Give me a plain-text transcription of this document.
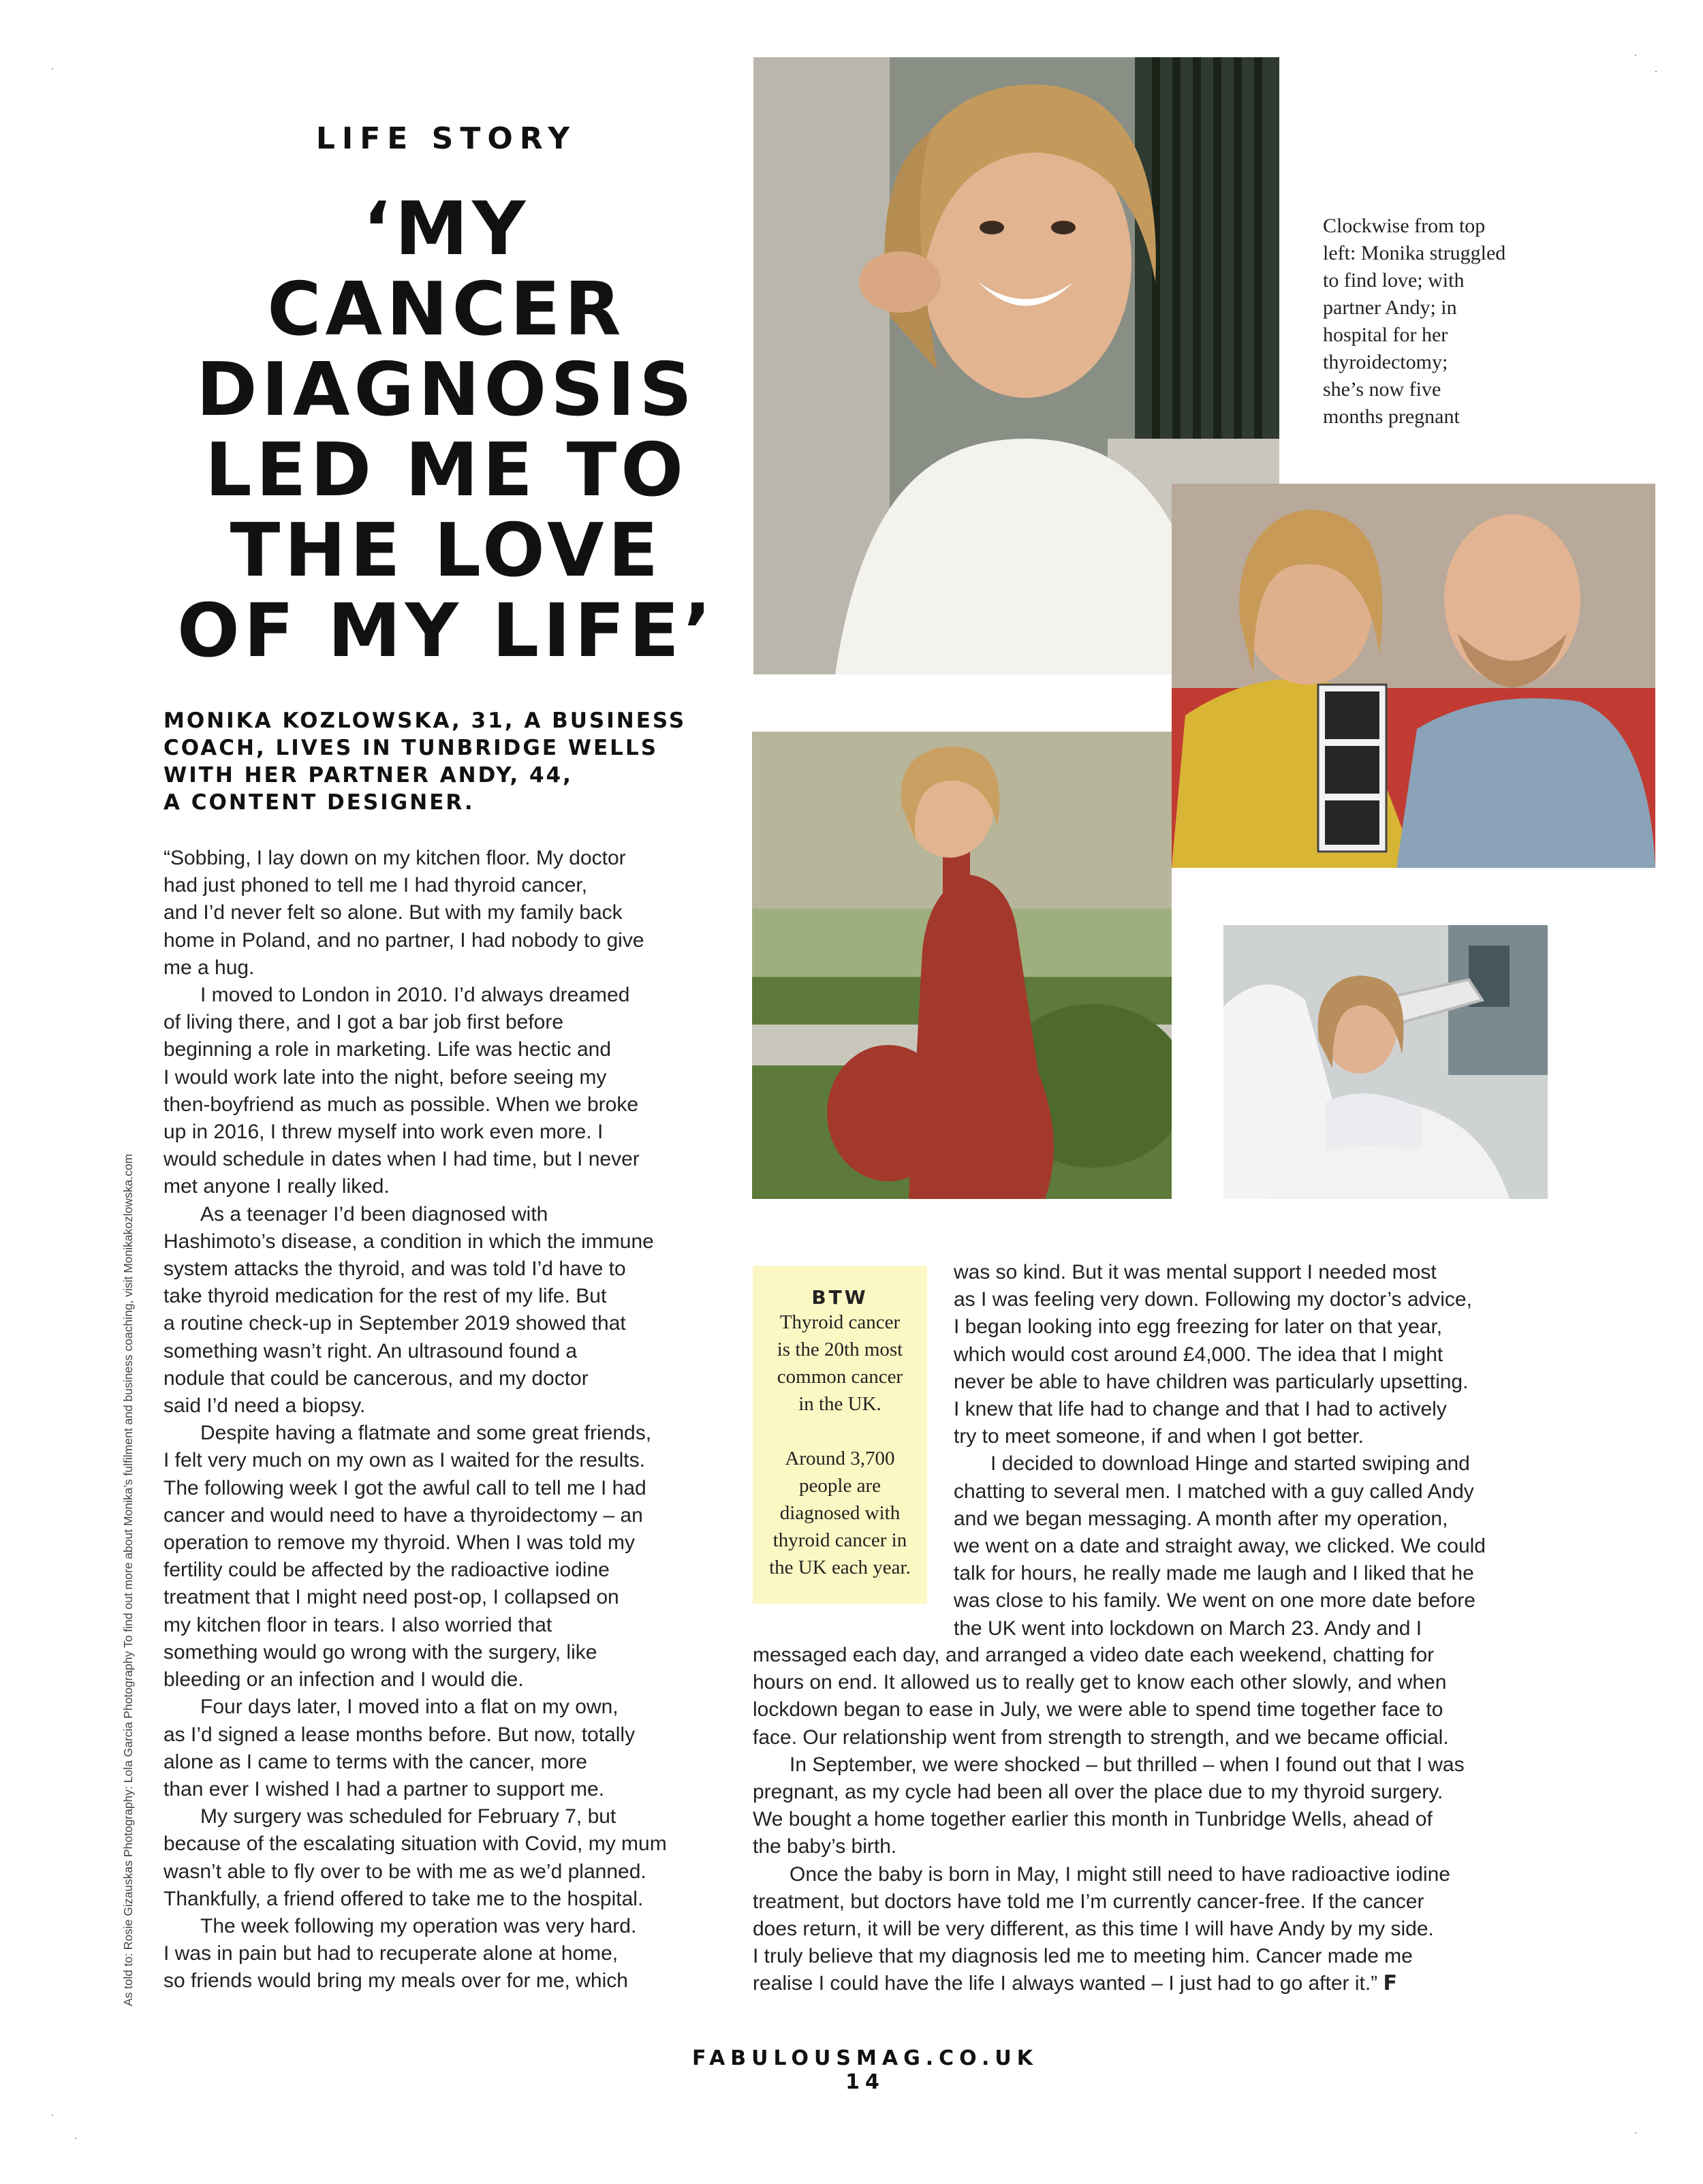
LIFE STORY
‘MY
CANCER
DIAGNOSIS
LED ME TO
THE LOVE
OF MY LIFE’
MONIKA KOZLOWSKA, 31, A BUSINESS
COACH, LIVES IN TUNBRIDGE WELLS
WITH HER PARTNER ANDY, 44,
A CONTENT DESIGNER.
Clockwise from top
left: Monika struggled
to find love; with
partner Andy; in
hospital for her
thyroidectomy;
she’s now five
months pregnant
“Sobbing, I lay down on my kitchen floor. My doctor
had just phoned to tell me I had thyroid cancer,
and I’d never felt so alone. But with my family back
home in Poland, and no partner, I had nobody to give
me a hug.
I moved to London in 2010. I’d always dreamed
of living there, and I got a bar job first before
beginning a role in marketing. Life was hectic and
I would work late into the night, before seeing my
then-boyfriend as much as possible. When we broke
up in 2016, I threw myself into work even more. I
would schedule in dates when I had time, but I never
met anyone I really liked.
As a teenager I’d been diagnosed with
Hashimoto’s disease, a condition in which the immune
system attacks the thyroid, and was told I’d have to
take thyroid medication for the rest of my life. But
a routine check-up in September 2019 showed that
something wasn’t right. An ultrasound found a
nodule that could be cancerous, and my doctor
said I’d need a biopsy.
Despite having a flatmate and some great friends,
I felt very much on my own as I waited for the results.
The following week I got the awful call to tell me I had
cancer and would need to have a thyroidectomy – an
operation to remove my thyroid. When I was told my
fertility could be affected by the radioactive iodine
treatment that I might need post-op, I collapsed on
my kitchen floor in tears. I also worried that
something would go wrong with the surgery, like
bleeding or an infection and I would die.
Four days later, I moved into a flat on my own,
as I’d signed a lease months before. But now, totally
alone as I came to terms with the cancer, more
than ever I wished I had a partner to support me.
My surgery was scheduled for February 7, but
because of the escalating situation with Covid, my mum
wasn’t able to fly over to be with me as we’d planned.
Thankfully, a friend offered to take me to the hospital.
The week following my operation was very hard.
I was in pain but had to recuperate alone at home,
so friends would bring my meals over for me, which
BTW
Thyroid cancer
is the 20th most
common cancer
in the UK.
Around 3,700
people are
diagnosed with
thyroid cancer in
the UK each year.
was so kind. But it was mental support I needed most
as I was feeling very down. Following my doctor’s advice,
I began looking into egg freezing for later on that year,
which would cost around £4,000. The idea that I might
never be able to have children was particularly upsetting.
I knew that life had to change and that I had to actively
try to meet someone, if and when I got better.
I decided to download Hinge and started swiping and
chatting to several men. I matched with a guy called Andy
and we began messaging. A month after my operation,
we went on a date and straight away, we clicked. We could
talk for hours, he really made me laugh and I liked that he
was close to his family. We went on one more date before
the UK went into lockdown on March 23. Andy and I
messaged each day, and arranged a video date each weekend, chatting for
hours on end. It allowed us to really get to know each other slowly, and when
lockdown began to ease in July, we were able to spend time together face to
face. Our relationship went from strength to strength, and we became official.
In September, we were shocked – but thrilled – when I found out that I was
pregnant, as my cycle had been all over the place due to my thyroid surgery.
We bought a home together earlier this month in Tunbridge Wells, ahead of
the baby’s birth.
Once the baby is born in May, I might still need to have radioactive iodine
treatment, but doctors have told me I’m currently cancer-free. If the cancer
does return, it will be very different, as this time I will have Andy by my side.
I truly believe that my diagnosis led me to meeting him. Cancer made me
realise I could have the life I always wanted – I just had to go after it.” F
As told to: Rosie Gizauskas Photography: Lola Garcia Photography To find out more about Monika’s fulfilment and business coaching, visit Monikakozlowska.com
FABULOUSMAG.CO.UK 14
